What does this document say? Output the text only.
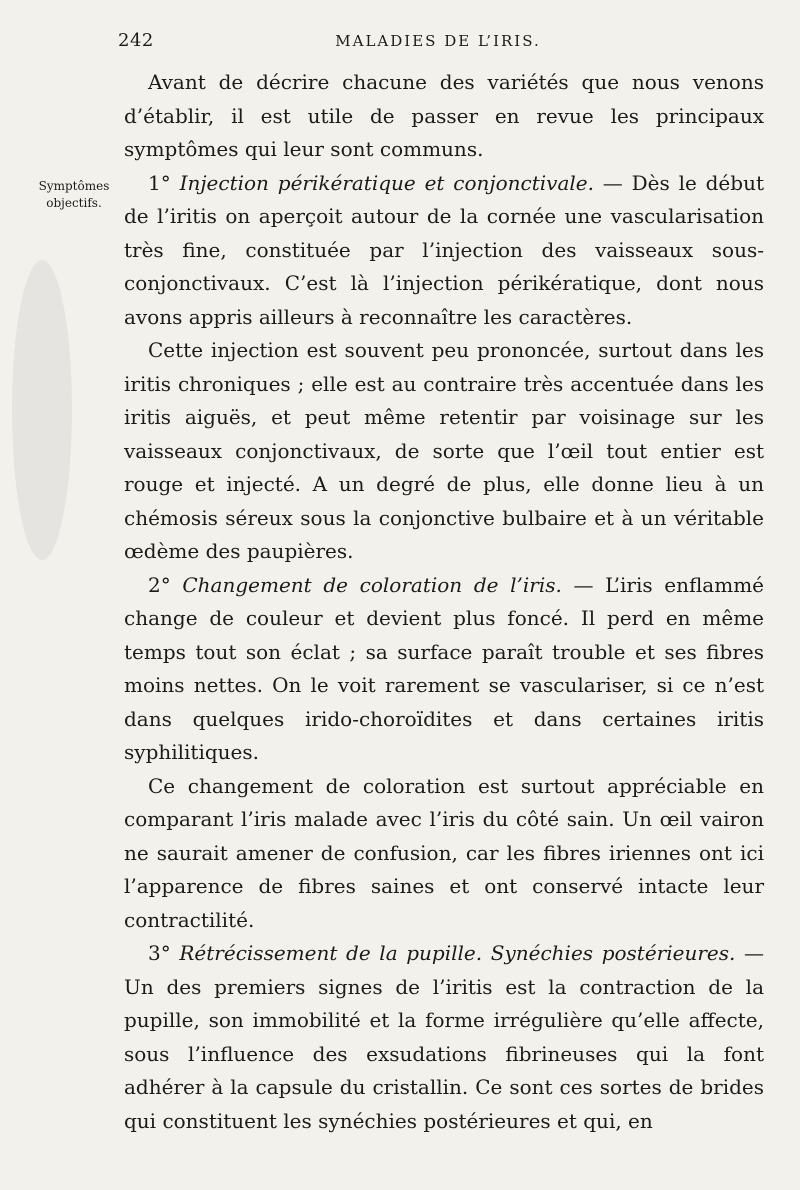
242	MALADIES DE L’IRIS.
Symptômes
objectifs.

Avant de décrire chacune des variétés que nous venons d’établir, il est utile de passer en revue les principaux symptômes qui leur sont communs.

1° Injection périkératique et conjonctivale. — Dès le début de l’iritis on aperçoit autour de la cornée une vascularisation très fine, constituée par l’injection des vaisseaux sous-conjonctivaux. C’est là l’injection périkératique, dont nous avons appris ailleurs à reconnaître les caractères.

Cette injection est souvent peu prononcée, surtout dans les iritis chroniques ; elle est au contraire très accentuée dans les iritis aiguës, et peut même retentir par voisinage sur les vaisseaux conjonctivaux, de sorte que l’œil tout entier est rouge et injecté. A un degré de plus, elle donne lieu à un chémosis séreux sous la conjonctive bulbaire et à un véritable œdème des paupières.

2° Changement de coloration de l’iris. — L’iris enflammé change de couleur et devient plus foncé. Il perd en même temps tout son éclat ; sa surface paraît trouble et ses fibres moins nettes. On le voit rarement se vasculariser, si ce n’est dans quelques irido-choroïdites et dans certaines iritis syphilitiques.

Ce changement de coloration est surtout appréciable en comparant l’iris malade avec l’iris du côté sain. Un œil vairon ne saurait amener de confusion, car les fibres iriennes ont ici l’apparence de fibres saines et ont conservé intacte leur contractilité.

3° Rétrécissement de la pupille. Synéchies postérieures. — Un des premiers signes de l’iritis est la contraction de la pupille, son immobilité et la forme irrégulière qu’elle affecte, sous l’influence des exsudations fibrineuses qui la font adhérer à la capsule du cristallin. Ce sont ces sortes de brides qui constituent les synéchies postérieures et qui, en
